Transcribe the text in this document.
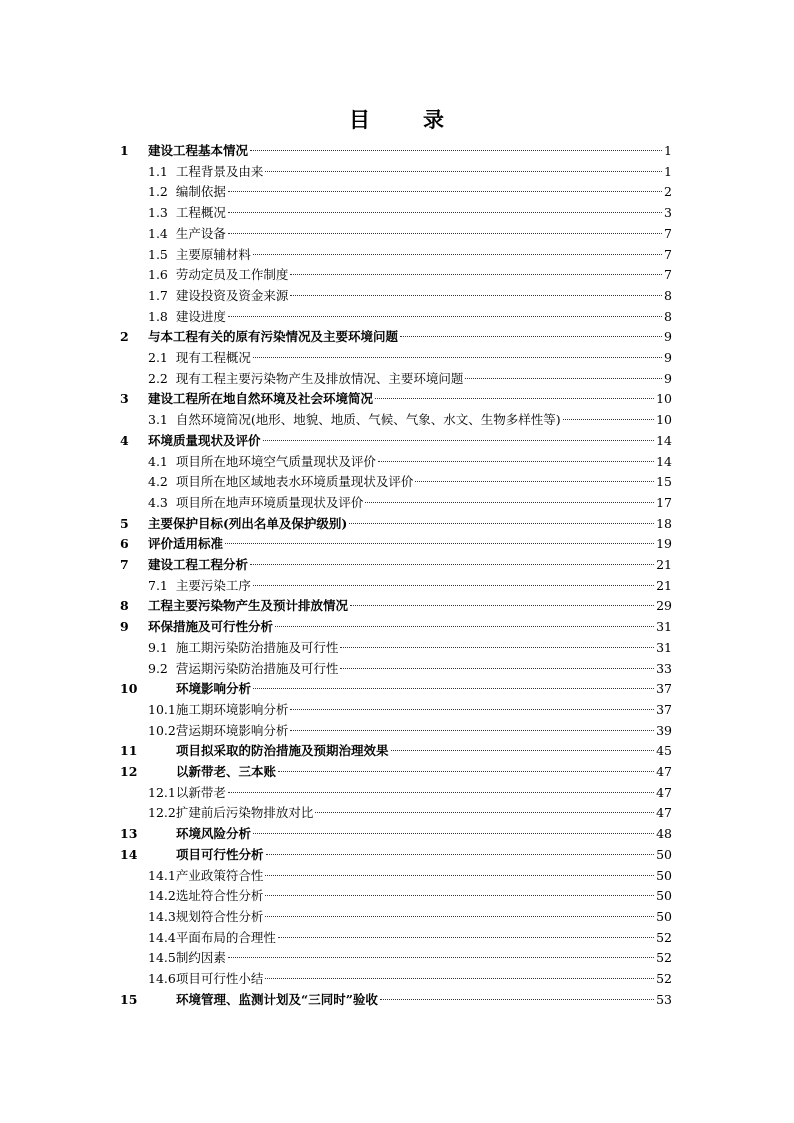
目 录
1 建设工程基本情况	1
1.1 工程背景及由来	1
1.2 编制依据	2
1.3 工程概况	3
1.4 生产设备	7
1.5 主要原辅材料	7
1.6 劳动定员及工作制度	7
1.7 建设投资及资金来源	8
1.8 建设进度	8
2 与本工程有关的原有污染情况及主要环境问题	9
2.1 现有工程概况	9
2.2 现有工程主要污染物产生及排放情况、主要环境问题	9
3 建设工程所在地自然环境及社会环境简况	10
3.1 自然环境简况(地形、地貌、地质、气候、气象、水文、生物多样性等)	10
4 环境质量现状及评价	14
4.1 项目所在地环境空气质量现状及评价	14
4.2 项目所在地区域地表水环境质量现状及评价	15
4.3 项目所在地声环境质量现状及评价	17
5 主要保护目标(列出名单及保护级别)	18
6 评价适用标准	19
7 建设工程工程分析	21
7.1 主要污染工序	21
8 工程主要污染物产生及预计排放情况	29
9 环保措施及可行性分析	31
9.1 施工期污染防治措施及可行性	31
9.2 营运期污染防治措施及可行性	33
10	环境影响分析	37
10.1 施工期环境影响分析	37
10.2 营运期环境影响分析	39
11	项目拟采取的防治措施及预期治理效果	45
12	以新带老、三本账	47
12.1 以新带老	47
12.2 扩建前后污染物排放对比	47
13	环境风险分析	48
14	项目可行性分析	50
14.1 产业政策符合性	50
14.2 选址符合性分析	50
14.3 规划符合性分析	50
14.4 平面布局的合理性	52
14.5 制约因素	52
14.6 项目可行性小结	52
15	环境管理、监测计划及“三同时”验收	53
